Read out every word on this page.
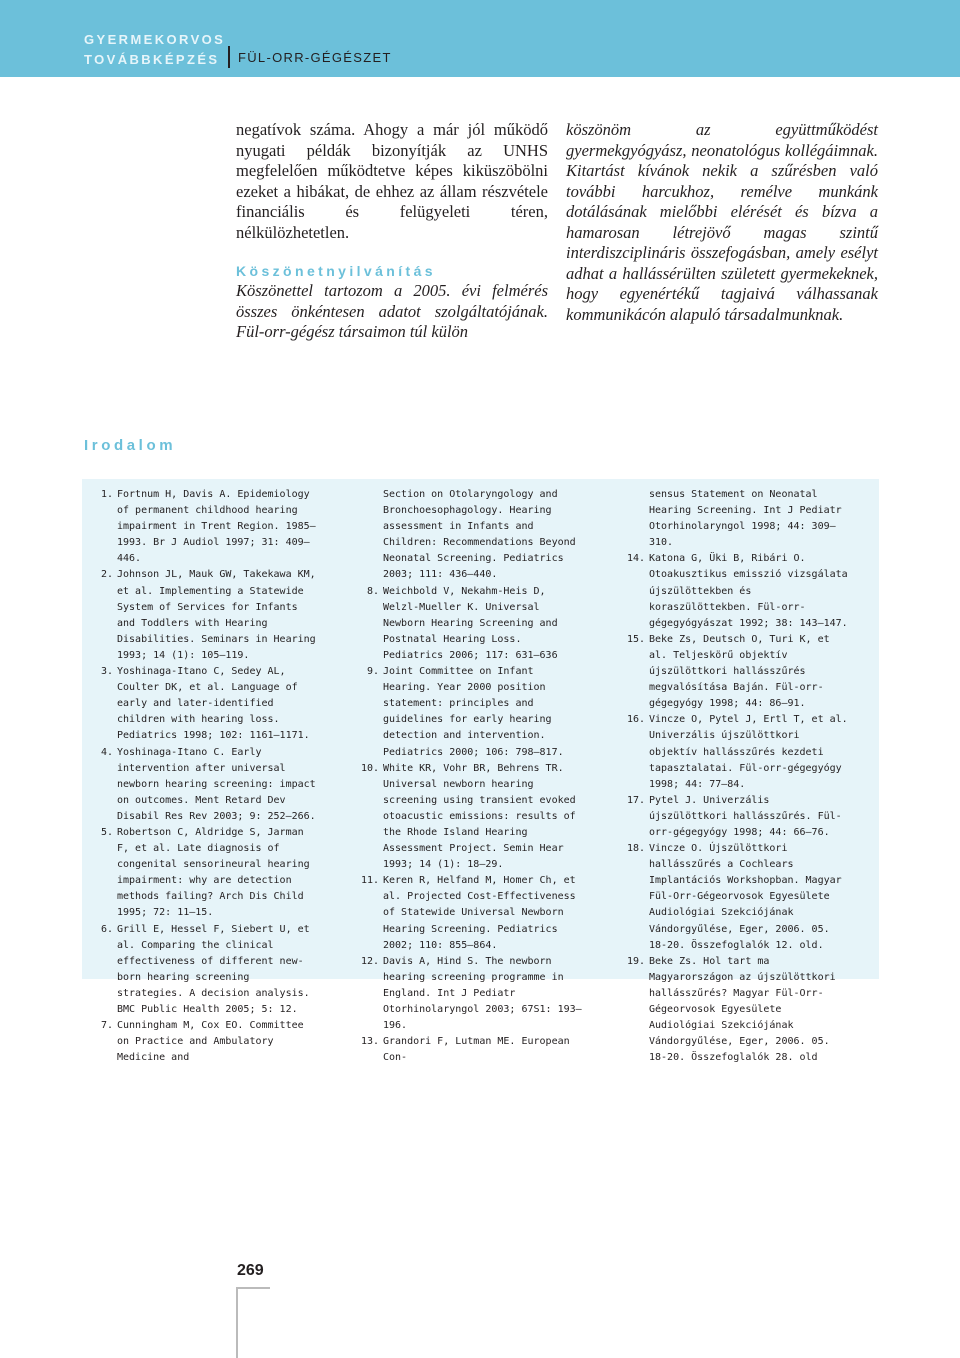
GYERMEKORVOS
TOVÁBBKÉPZÉS	FÜL-ORR-GÉGÉSZET

negatívok száma. Ahogy a már jól működő nyugati példák bizonyítják az UNHS megfelelően működtetve képes kiküszöbölni ezeket a hibákat, de ehhez az állam részvétele financiális és felügyeleti téren, nélkülözhetetlen.

Köszönetnyilvánítás

Köszönettel tartozom a 2005. évi felmérés összes önkéntesen adatot szolgáltatójának. Fül-orr-gégész társaimon túl külön

köszönöm az együttműködést gyermekgyógyász, neonatológus kollégáimnak. Kitartást kívánok nekik a szűrésben való további harcukhoz, remélve munkánk dotálásának mielőbbi elérését és bízva a hamarosan létrejövő magas szintű interdiszciplináris összefogásban, amely esélyt adhat a hallássérülten született gyermekeknek, hogy egyenértékű tagjaivá válhassanak kommunikácón alapuló társadalmunknak.

Irodalom
1. Fortnum H, Davis A. Epidemiology of permanent childhood hearing impairment in Trent Region. 1985–1993. Br J Audiol 1997; 31: 409–446.
2. Johnson JL, Mauk GW, Takekawa KM, et al. Implementing a Statewide System of Services for Infants and Toddlers with Hearing Disabilities. Seminars in Hearing 1993; 14 (1): 105–119.
3. Yoshinaga-Itano C, Sedey AL, Coulter DK, et al. Language of early and later-identified children with hearing loss. Pediatrics 1998; 102: 1161–1171.
4. Yoshinaga-Itano C. Early intervention after universal newborn hearing screening: impact on outcomes. Ment Retard Dev Disabil Res Rev 2003; 9: 252–266.
5. Robertson C, Aldridge S, Jarman F, et al. Late diagnosis of congenital sensorineural hearing impairment: why are detection methods failing? Arch Dis Child 1995; 72: 11–15.
6. Grill E, Hessel F, Siebert U, et al. Comparing the clinical effectiveness of different new-born hearing screening strategies. A decision analysis. BMC Public Health 2005; 5: 12.
7. Cunningham M, Cox EO. Committee on Practice and Ambulatory Medicine and
Section on Otolaryngology and Bronchoesophagology. Hearing assessment in Infants and Children: Recommendations Beyond Neonatal Screening. Pediatrics 2003; 111: 436–440.
8. Weichbold V, Nekahm-Heis D, Welzl-Mueller K. Universal Newborn Hearing Screening and Postnatal Hearing Loss. Pediatrics 2006; 117: 631–636
9. Joint Committee on Infant Hearing. Year 2000 position statement: principles and guidelines for early hearing detection and intervention. Pediatrics 2000; 106: 798–817.
10. White KR, Vohr BR, Behrens TR. Universal newborn hearing screening using transient evoked otoacustic emissions: results of the Rhode Island Hearing Assessment Project. Semin Hear 1993; 14 (1): 18–29.
11. Keren R, Helfand M, Homer Ch, et al. Projected Cost-Effectiveness of Statewide Universal Newborn Hearing Screening. Pediatrics 2002; 110: 855–864.
12. Davis A, Hind S. The newborn hearing screening programme in England. Int J Pediatr Otorhinolaryngol 2003; 67S1: 193–196.
13. Grandori F, Lutman ME. European Con-
sensus Statement on Neonatal Hearing Screening. Int J Pediatr Otorhinolaryngol 1998; 44: 309–310.
14. Katona G, Üki B, Ribári O. Otoakusztikus emisszió vizsgálata újszülöttekben és koraszülöttekben. Fül-orr-gégegyógyászat 1992; 38: 143–147.
15. Beke Zs, Deutsch O, Turi K, et al. Teljeskörű objektív újszülöttkori hallásszűrés megvalósítása Baján. Fül-orr-gégegyógy 1998; 44: 86–91.
16. Vincze O, Pytel J, Ertl T, et al. Univerzális újszülöttkori objektív hallásszűrés kezdeti tapasztalatai. Fül-orr-gégegyógy 1998; 44: 77–84.
17. Pytel J. Univerzális újszülöttkori hallásszűrés. Fül-orr-gégegyógy 1998; 44: 66–76.
18. Vincze O. Újszülöttkori hallásszűrés a Cochlears Implantációs Workshopban. Magyar Fül-Orr-Gégeorvosok Egyesülete Audiológiai Szekciójának Vándorgyűlése, Eger, 2006. 05. 18-20. Összefoglalók 12. old.
19. Beke Zs. Hol tart ma Magyarországon az újszülöttkori hallásszűrés? Magyar Fül-Orr-Gégeorvosok Egyesülete Audiológiai Szekciójának Vándorgyűlése, Eger, 2006. 05. 18-20. Összefoglalók 28. old
269
